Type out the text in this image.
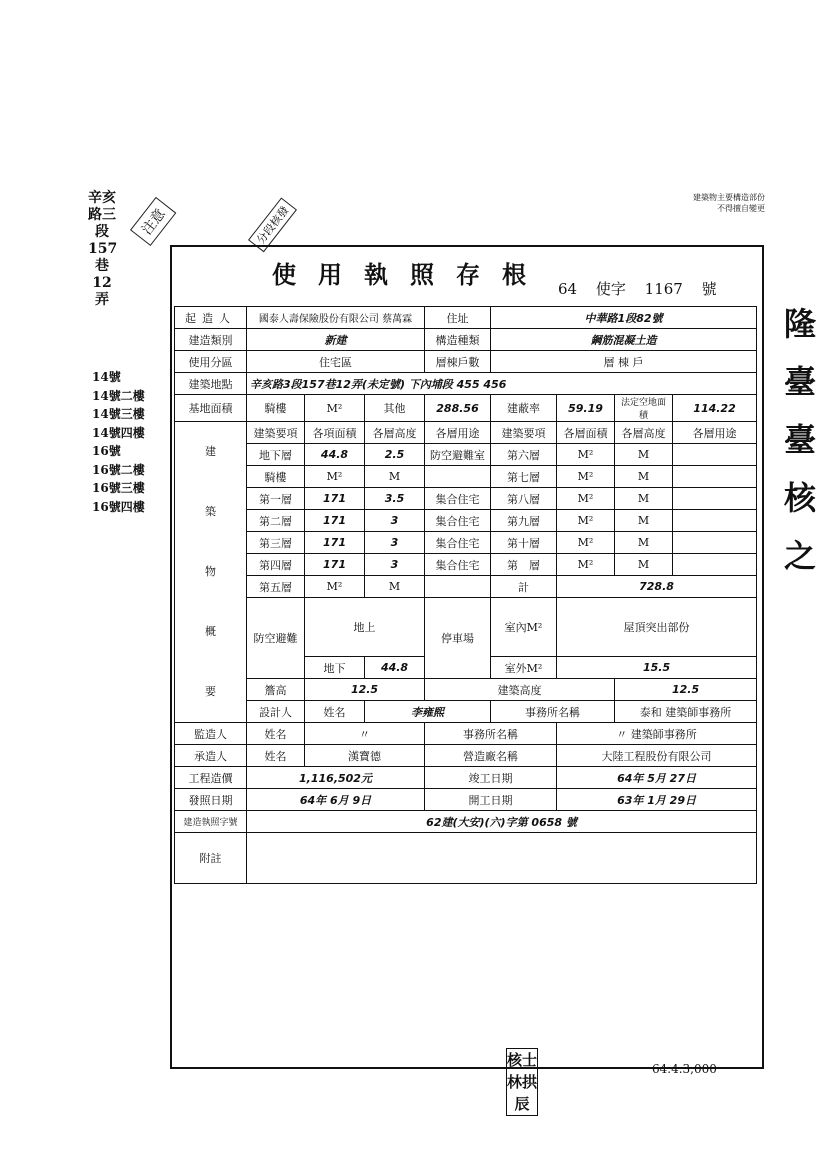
辛亥路三段157巷12弄
14號
14號二樓
14號三樓
14號四樓
16號
16號二樓
16號三樓
16號四樓
注意	分段核發
建築物主要構造部份
不得擅自變更
隆
臺
臺
核
之
使用執照存根 64 使字 1167 號
起造人	國泰人壽保險股份有限公司 蔡萬霖			住址	中華路1段82號			

建造類別	新建			構造種類	鋼筋混凝土造			
使用分區	住宅區			層棟戶數	層 棟 戶			
建築地點	辛亥路3段157巷12弄(未定號) 下內埔段 455 456							
基地面積	騎樓	M²	其他	288.56	建蔽率	59.19	法定空地面積	114.22

建
築
物
概
要	建築要項	各項面積	各層高度	各層用途	建築要項	各層面積	各層高度	各層用途
	地下層	44.8	2.5	防空避難室	第六層	M²	M	
	騎樓	M²	M		第七層	M²	M	
	第一層	171	3.5	集合住宅	第八層	M²	M	
	第二層	171	3	集合住宅	第九層	M²	M	
	第三層	171	3	集合住宅	第十層	M²	M	
	第四層	171	3	集合住宅	第　層	M²	M	
	第五層	M²	M		計	728.8		
	防空避難	地上		停車場	室內M²	屋頂突出部份		
		地下	44.8		室外M²	15.5		
	簷高	12.5		建築高度			12.5	
	設計人	姓名	李雍熙		事務所名稱		泰和 建築師事務所	
監造人	姓名	〃		事務所名稱		〃 建築師事務所		
承造人	姓名	漢寶德		營造廠名稱		大陸工程股份有限公司		
工程造價	1,116,502元			竣工日期		64年 5月 27日		
發照日期	64年 6月 9日			開工日期		63年 1月 29日		
建造執照字號	62建(大安)(六)字第 0658 號							
附註								
核士林拱辰
64.4.3,000
